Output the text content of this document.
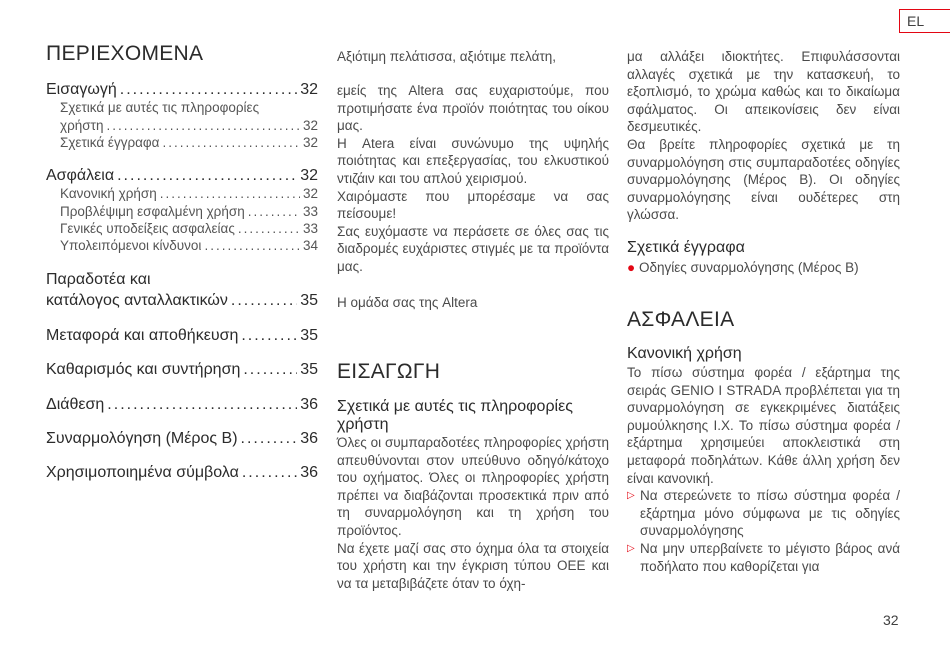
EL
ΠΕΡΙΕΧΟΜΕΝΑ
Εισαγωγή .....	32
Σχετικά με αυτές τις πληροφορίες
χρήστη .....	32
Σχετικά έγγραφα .....	32
Ασφάλεια .....	32
Κανονική χρήση .....	32
Προβλέψιμη εσφαλμένη χρήση .....	33
Γενικές υποδείξεις ασφαλείας .....	33
Υπολειπόμενοι κίνδυνοι .....	34
Παραδοτέα και
κατάλογος ανταλλακτικών .....	35
Μεταφορά και αποθήκευση .....	35
Καθαρισμός και συντήρηση .....	35
Διάθεση .....	36
Συναρμολόγηση (Μέρος Β) .....	36
Χρησιμοποιημένα σύμβολα .....	36

Αξιότιμη πελάτισσα, αξιότιμε πελάτη,

εμείς της Altera σας ευχαριστούμε, που προτιμήσατε ένα προϊόν ποιότητας του οίκου μας.

Η Atera είναι συνώνυμο της υψηλής ποιότητας και επεξεργασίας, του ελκυστικού ντιζάιν και του απλού χειρισμού.

Χαιρόμαστε που μπορέσαμε να σας πείσουμε!

Σας ευχόμαστε να περάσετε σε όλες σας τις διαδρομές ευχάριστες στιγμές με τα προϊόντα μας.

Η ομάδα σας της Altera

ΕΙΣΑΓΩΓΗ
Σχετικά με αυτές τις πληροφορίες χρήστη

Όλες οι συμπαραδοτέες πληροφορίες χρήστη απευθύνονται στον υπεύθυνο οδηγό/κάτοχο του οχήματος. Όλες οι πληροφορίες χρήστη πρέπει να διαβάζονται προσεκτικά πριν από τη συναρμολόγηση και τη χρήση του προϊόντος.

Να έχετε μαζί σας στο όχημα όλα τα στοιχεία του χρήστη και την έγκριση τύπου ΟΕΕ και να τα μεταβιβάζετε όταν το όχη-

μα αλλάξει ιδιοκτήτες. Επιφυλάσσονται αλλαγές σχετικά με την κατασκευή, το εξοπλισμό, το χρώμα καθώς και το δικαίωμα σφάλματος. Οι απεικονίσεις δεν είναι δεσμευτικές.

Θα βρείτε πληροφορίες σχετικά με τη συναρμολόγηση στις συμπαραδοτέες οδηγίες συναρμολόγησης (Μέρος Β). Οι οδηγίες συναρμολόγησης είναι ουδέτερες στη γλώσσα.

Σχετικά έγγραφα
● Οδηγίες συναρμολόγησης (Μέρος Β)
ΑΣΦΑΛΕΙΑ
Κανονική χρήση

Το πίσω σύστημα φορέα / εξάρτημα της σειράς GENIO I STRADA προβλέπεται για τη συναρμολόγηση σε εγκεκριμένες διατάξεις ρυμούλκησης Ι.Χ. Το πίσω σύστημα φορέα / εξάρτημα χρησιμεύει αποκλειστικά στη μεταφορά ποδηλάτων. Κάθε άλλη χρήση δεν είναι κανονική.

▷ Να στερεώνετε το πίσω σύστημα φορέα / εξάρτημα μόνο σύμφωνα με τις οδηγίες συναρμολόγησης
▷ Να μην υπερβαίνετε το μέγιστο βάρος ανά ποδήλατο που καθορίζεται για
32
